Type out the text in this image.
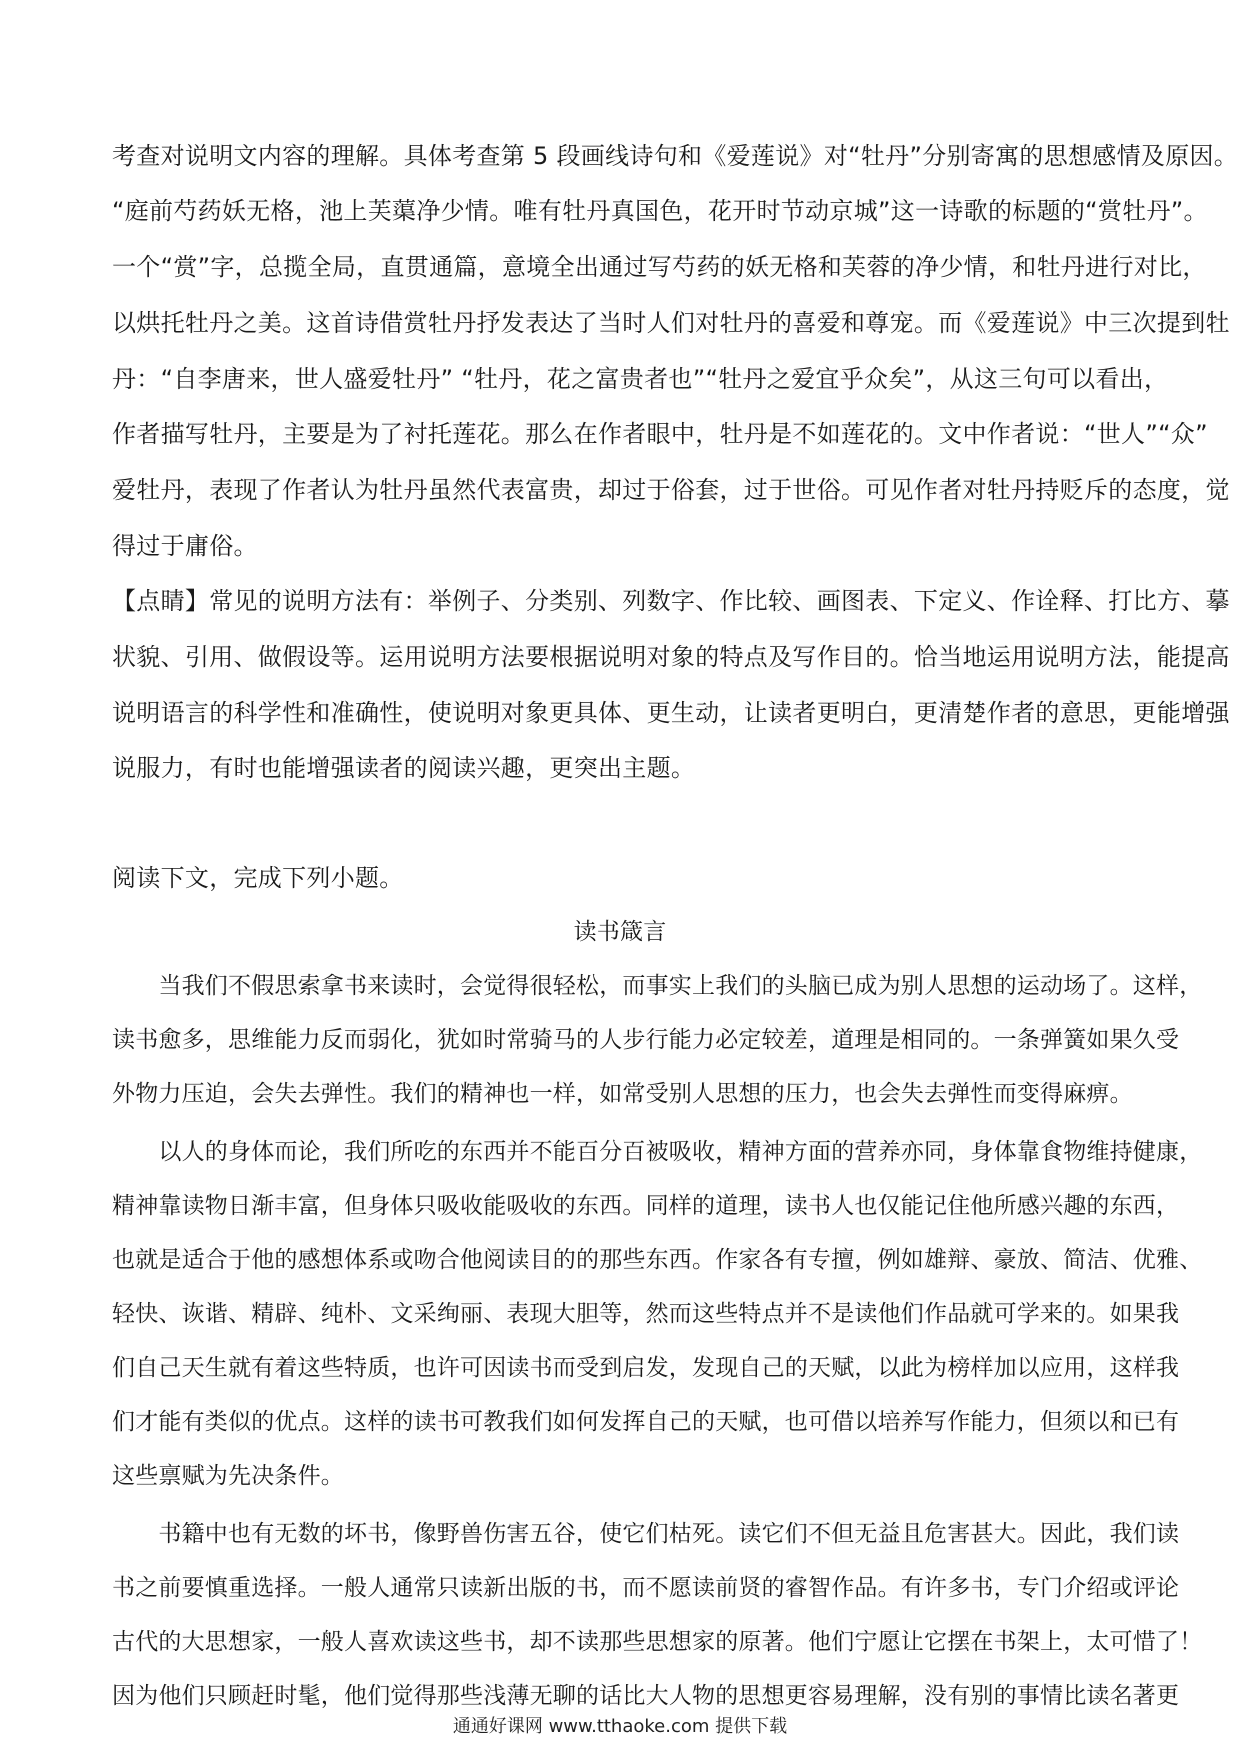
考查对说明文内容的理解。具体考查第 5 段画线诗句和《爱莲说》对“牡丹”分别寄寓的思想感情及原因。
“庭前芍药妖无格，池上芙蕖净少情。唯有牡丹真国色，花开时节动京城”这一诗歌的标题的“赏牡丹”。
一个“赏”字，总揽全局，直贯通篇，意境全出通过写芍药的妖无格和芙蓉的净少情，和牡丹进行对比，
以烘托牡丹之美。这首诗借赏牡丹抒发表达了当时人们对牡丹的喜爱和尊宠。而《爱莲说》中三次提到牡
丹：“自李唐来，世人盛爱牡丹” “牡丹，花之富贵者也”“牡丹之爱宜乎众矣”，从这三句可以看出，
作者描写牡丹，主要是为了衬托莲花。那么在作者眼中，牡丹是不如莲花的。文中作者说：“世人”“众”
爱牡丹，表现了作者认为牡丹虽然代表富贵，却过于俗套，过于世俗。可见作者对牡丹持贬斥的态度，觉
得过于庸俗。
【点睛】常见的说明方法有：举例子、分类别、列数字、作比较、画图表、下定义、作诠释、打比方、摹
状貌、引用、做假设等。运用说明方法要根据说明对象的特点及写作目的。恰当地运用说明方法，能提高
说明语言的科学性和准确性，使说明对象更具体、更生动，让读者更明白，更清楚作者的意思，更能增强
说服力，有时也能增强读者的阅读兴趣，更突出主题。
阅读下文，完成下列小题。
读书箴言
　　当我们不假思索拿书来读时，会觉得很轻松，而事实上我们的头脑已成为别人思想的运动场了。这样，
读书愈多，思维能力反而弱化，犹如时常骑马的人步行能力必定较差，道理是相同的。一条弹簧如果久受
外物力压迫，会失去弹性。我们的精神也一样，如常受别人思想的压力，也会失去弹性而变得麻痹。
　　以人的身体而论，我们所吃的东西并不能百分百被吸收，精神方面的营养亦同，身体靠食物维持健康，
精神靠读物日渐丰富，但身体只吸收能吸收的东西。同样的道理，读书人也仅能记住他所感兴趣的东西，
也就是适合于他的感想体系或吻合他阅读目的的那些东西。作家各有专擅，例如雄辩、豪放、简洁、优雅、
轻快、诙谐、精辟、纯朴、文采绚丽、表现大胆等，然而这些特点并不是读他们作品就可学来的。如果我
们自己天生就有着这些特质，也许可因读书而受到启发，发现自己的天赋，以此为榜样加以应用，这样我
们才能有类似的优点。这样的读书可教我们如何发挥自己的天赋，也可借以培养写作能力，但须以和已有
这些禀赋为先决条件。
　　书籍中也有无数的坏书，像野兽伤害五谷，使它们枯死。读它们不但无益且危害甚大。因此，我们读
书之前要慎重选择。一般人通常只读新出版的书，而不愿读前贤的睿智作品。有许多书，专门介绍或评论
古代的大思想家，一般人喜欢读这些书，却不读那些思想家的原著。他们宁愿让它摆在书架上，太可惜了！
因为他们只顾赶时髦，他们觉得那些浅薄无聊的话比大人物的思想更容易理解，没有别的事情比读名著更
通通好课网 www.tthaoke.com 提供下载
